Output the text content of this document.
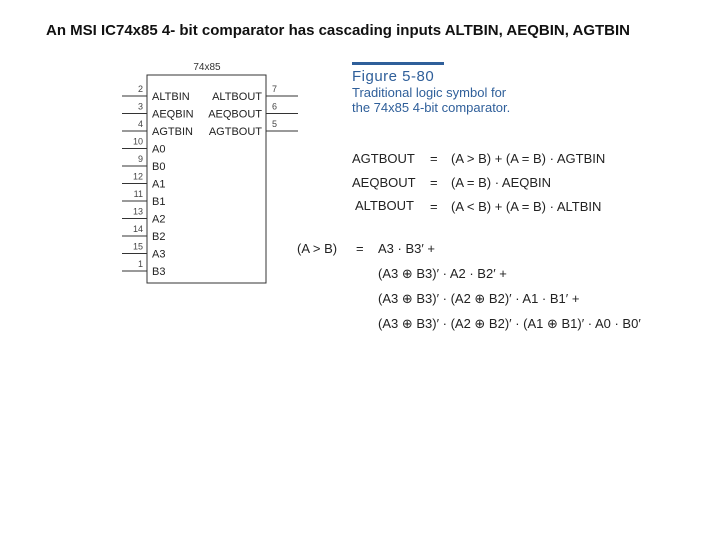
An MSI IC74x85 4- bit comparator has cascading inputs ALTBIN, AEQBIN, AGTBIN
74x85
2
ALTBIN
3
AEQBIN
4
AGTBIN
10
A0
9
B0
12
A1
11
B1
13
A2
14
B2
15
A3
1
B3
7
ALTBOUT
6
AEQBOUT
5
AGTBOUT
Figure 5-80
Traditional logic symbol for
the 74x85 4-bit comparator.
AGTBOUT = (A > B) + (A = B) · AGTBIN
AEQBOUT = (A = B) · AEQBIN
ALTBOUT = (A < B) + (A = B) · ALTBIN
(A > B) = A3 · B3′ +
(A3 ⊕ B3)′ · A2 · B2′ +
(A3 ⊕ B3)′ · (A2 ⊕ B2)′ · A1 · B1′ +
(A3 ⊕ B3)′ · (A2 ⊕ B2)′ · (A1 ⊕ B1)′ · A0 · B0′
